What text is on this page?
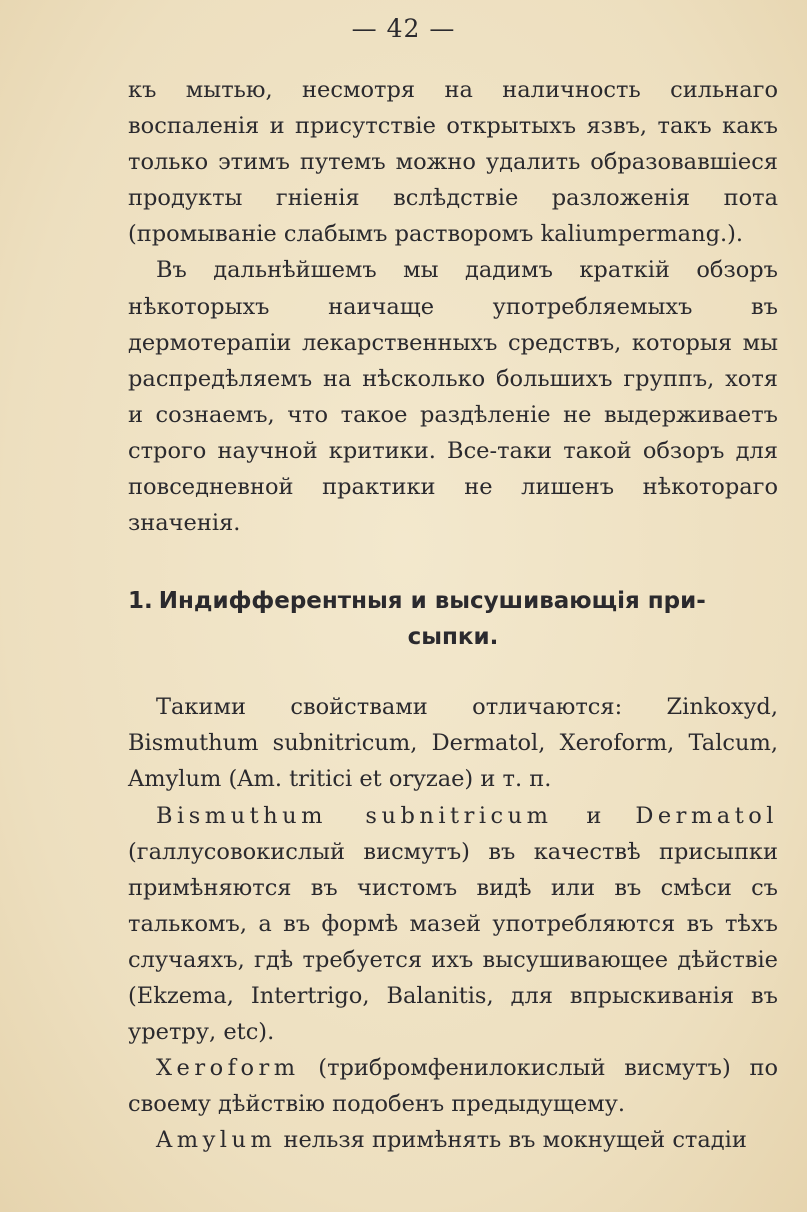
— 42 —

къ мытью, несмотря на наличность сильнаго воспаленія и присутствіе открытыхъ язвъ, такъ какъ только этимъ путемъ можно удалить образовавшіеся продукты гніенія вслѣдствіе разложенія пота (промываніе слабымъ растворомъ kaliumpermang.).

Въ дальнѣйшемъ мы дадимъ краткій обзоръ нѣкоторыхъ наичаще употребляемыхъ въ дермотерапіи лекарственныхъ средствъ, которыя мы распредѣляемъ на нѣсколько большихъ группъ, хотя и сознаемъ, что такое раздѣленіе не выдерживаетъ строго научной критики. Все-таки такой обзоръ для повседневной практики не лишенъ нѣкотораго значенія.

1. Индифферентныя и высушивающія при-
сыпки.

Такими свойствами отличаются: Zinkoxyd, Bismuthum subnitricum, Dermatol, Xeroform, Talcum, Amylum (Am. tritici et oryzae) и т. п.

Bismuthum subnitricum и Dermatol (галлусовокислый висмутъ) въ качествѣ присыпки примѣняются въ чистомъ видѣ или въ смѣси съ талькомъ, а въ формѣ мазей употребляются въ тѣхъ случаяхъ, гдѣ требуется ихъ высушивающее дѣйствіе (Ekzema, Intertrigo, Balanitis, для впрыскиванія въ уретру, etc).

Xeroform (трибромфенилокислый висмутъ) по своему дѣйствію подобенъ предыдущему.

Amylum нельзя примѣнять въ мокнущей стадіи
